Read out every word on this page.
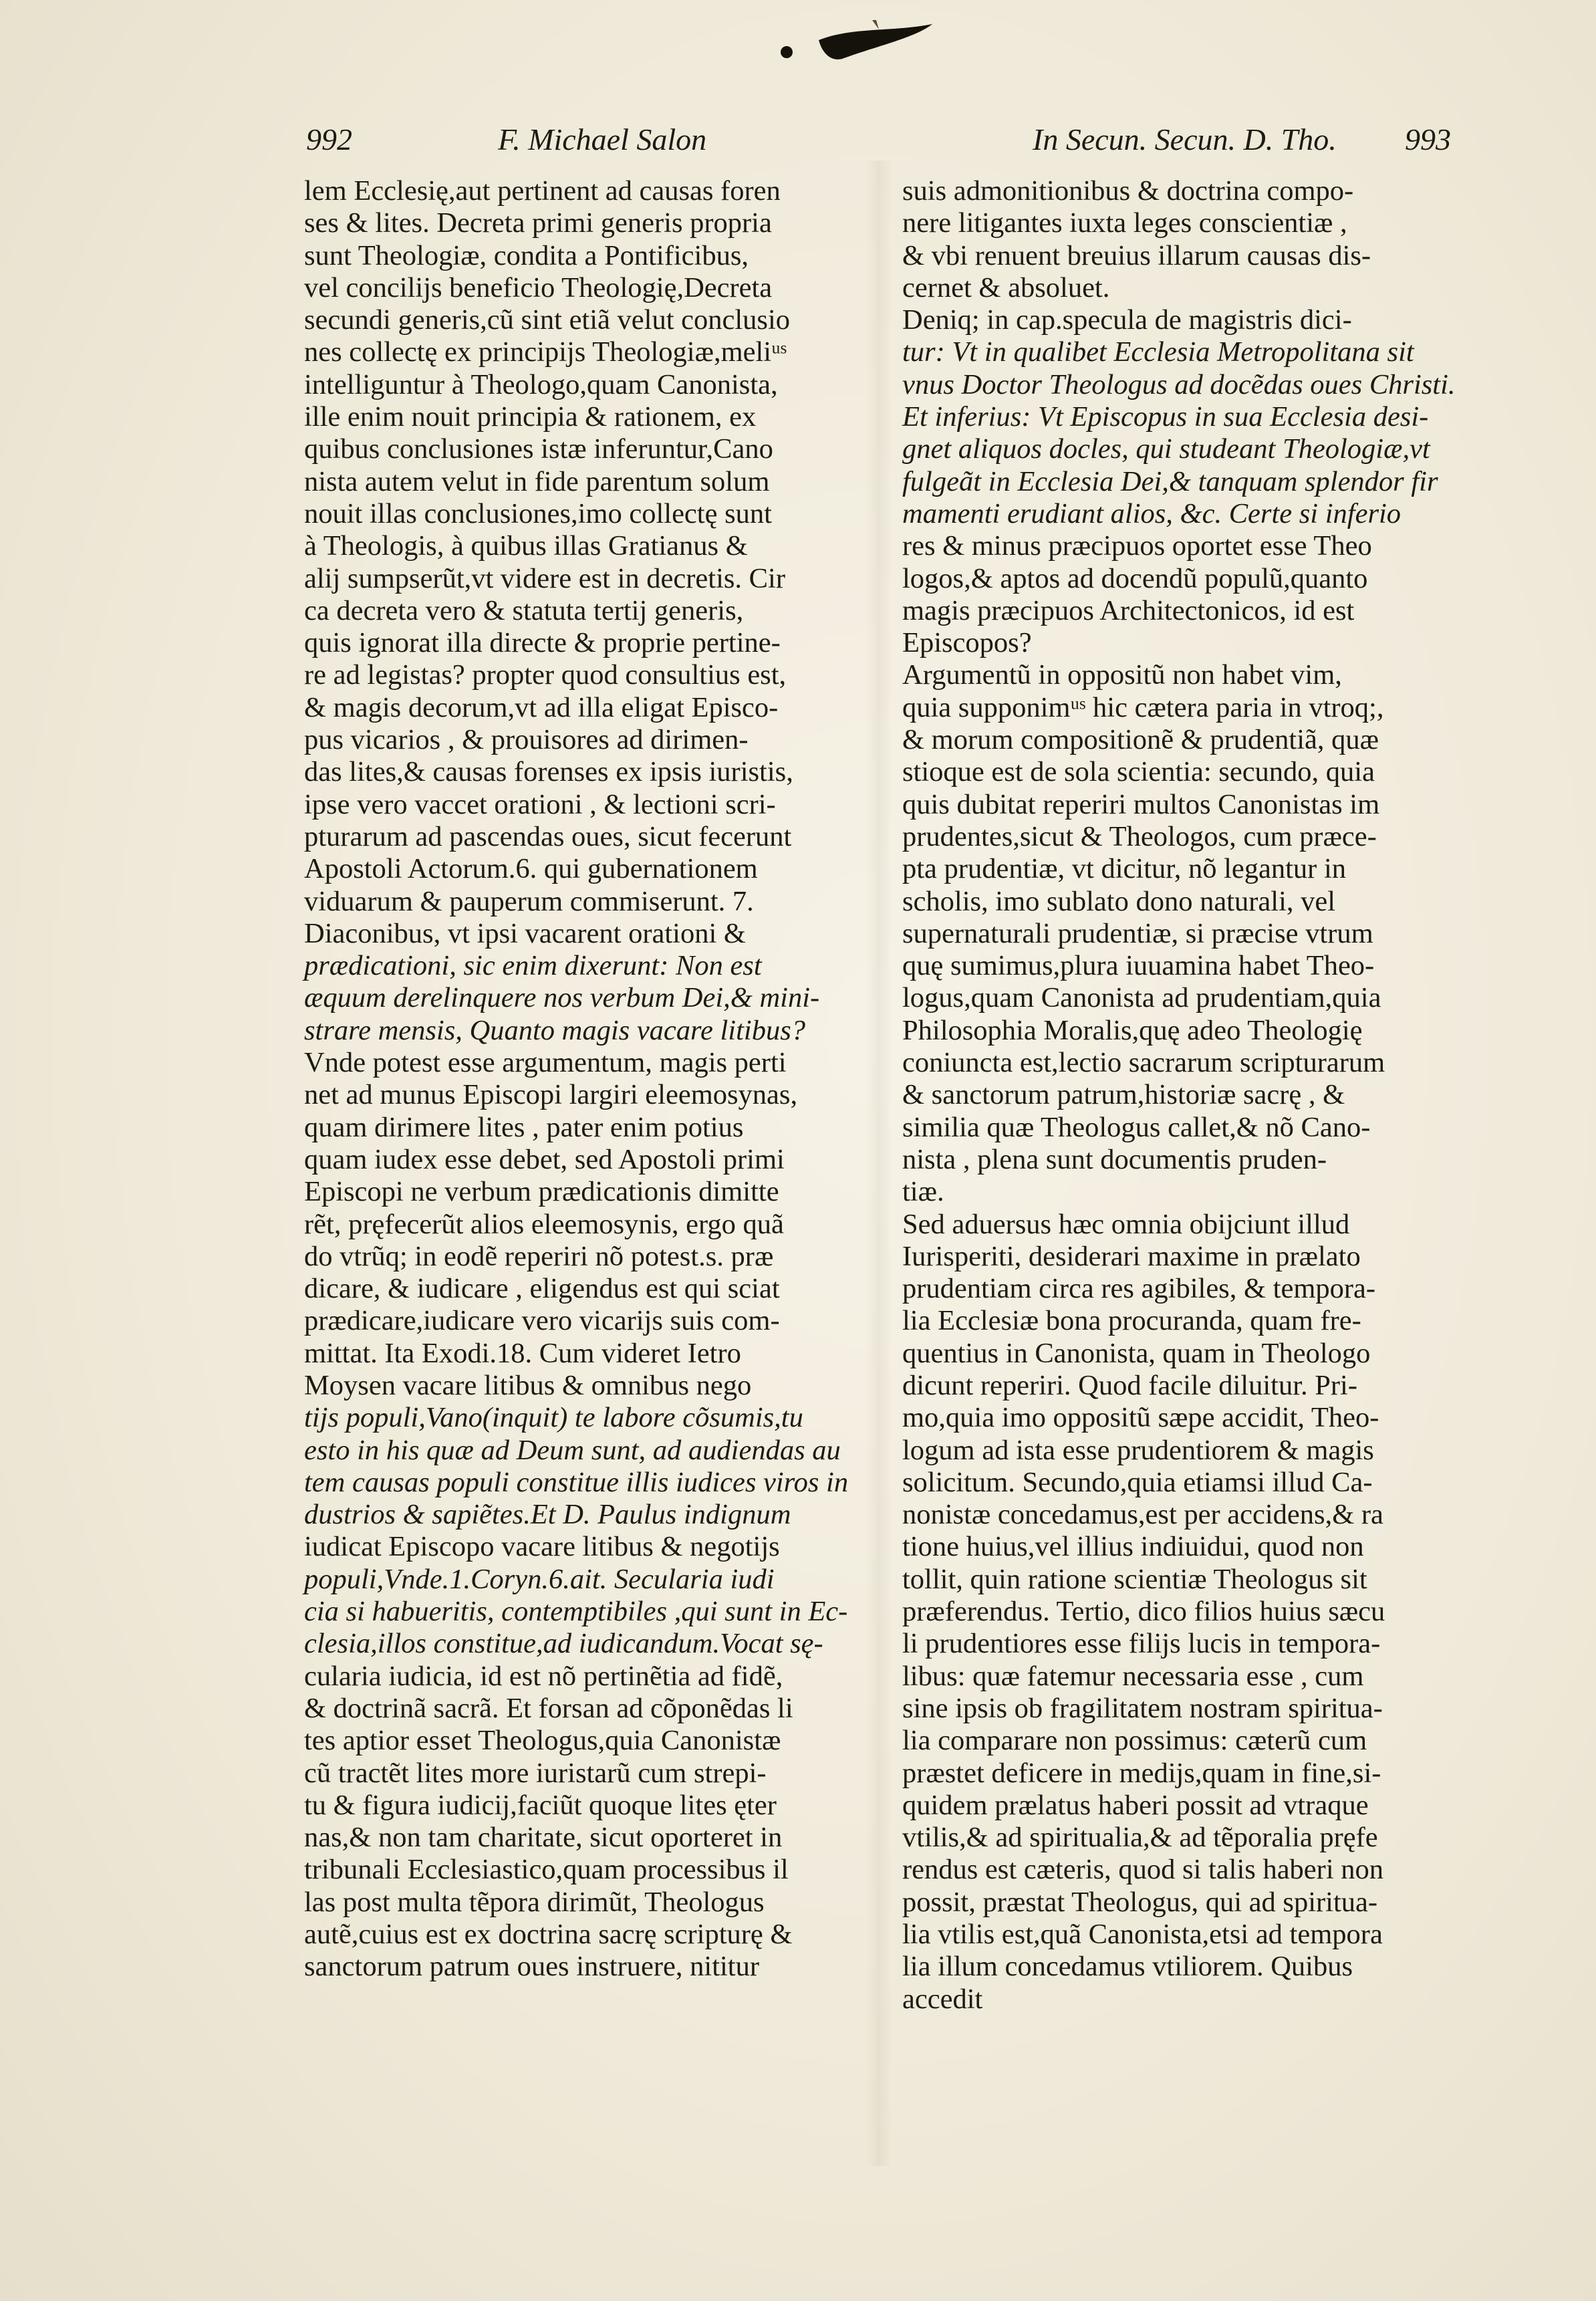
992	F. Michael Salon	In Secun. Secun. D. Tho. 993
lem Ecclesię,aut pertinent ad causas foren
ses & lites. Decreta primi generis propria
sunt Theologiæ, condita a Pontificibus,
vel concilijs beneficio Theologię,Decreta
secundi generis,cũ sint etiã velut conclusio
nes collectę ex principijs Theologiæ,meliᵘˢ
intelliguntur à Theologo,quam Canonista,
ille enim nouit principia & rationem, ex
quibus conclusiones istæ inferuntur,Cano
nista autem velut in fide parentum solum
nouit illas conclusiones,imo collectę sunt
à Theologis, à quibus illas Gratianus &
alij sumpserũt,vt videre est in decretis. Cir
ca decreta vero & statuta tertij generis,
quis ignorat illa directe & proprie pertine-
re ad legistas? propter quod consultius est,
& magis decorum,vt ad illa eligat Episco-
pus vicarios , & prouisores ad dirimen-
das lites,& causas forenses ex ipsis iuristis,
ipse vero vaccet orationi , & lectioni scri-
pturarum ad pascendas oues, sicut fecerunt
Apostoli Actorum.6. qui gubernationem
viduarum & pauperum commiserunt. 7.
Diaconibus, vt ipsi vacarent orationi &
prædicationi, sic enim dixerunt: Non est
æquum derelinquere nos verbum Dei,& mini-
strare mensis, Quanto magis vacare litibus?
Vnde potest esse argumentum, magis perti
net ad munus Episcopi largiri eleemosynas,
quam dirimere lites , pater enim potius
quam iudex esse debet, sed Apostoli primi
Episcopi ne verbum prædicationis dimitte
rẽt, pręfecerũt alios eleemosynis, ergo quã
do vtrũq; in eodẽ reperiri nõ potest.s. præ
dicare, & iudicare , eligendus est qui sciat
prædicare,iudicare vero vicarijs suis com-
mittat. Ita Exodi.18. Cum videret Ietro
Moysen vacare litibus & omnibus nego
tijs populi,Vano(inquit) te labore cõsumis,tu
esto in his quæ ad Deum sunt, ad audiendas au
tem causas populi constitue illis iudices viros in
dustrios & sapiẽtes.Et D. Paulus indignum
iudicat Episcopo vacare litibus & negotijs
populi,Vnde.1.Coryn.6.ait. Secularia iudi
cia si habueritis, contemptibiles ,qui sunt in Ec-
clesia,illos constitue,ad iudicandum.Vocat sę-
cularia iudicia, id est nõ pertinẽtia ad fidẽ,
& doctrinã sacrã. Et forsan ad cõponẽdas li
tes aptior esset Theologus,quia Canonistæ
cũ tractẽt lites more iuristarũ cum strepi-
tu & figura iudicij,faciũt quoque lites ęter
nas,& non tam charitate, sicut oporteret in
tribunali Ecclesiastico,quam processibus il
las post multa tẽpora dirimũt, Theologus
autẽ,cuius est ex doctrina sacrę scripturę &
sanctorum patrum oues instruere, nititur
suis admonitionibus & doctrina compo-
nere litigantes iuxta leges conscientiæ ,
& vbi renuent breuius illarum causas dis-
cernet & absoluet.
Deniq; in cap.specula de magistris dici-
tur: Vt in qualibet Ecclesia Metropolitana sit
vnus Doctor Theologus ad docẽdas oues Christi.
Et inferius: Vt Episcopus in sua Ecclesia desi-
gnet aliquos docles, qui studeant Theologiæ,vt
fulgeãt in Ecclesia Dei,& tanquam splendor fir
mamenti erudiant alios, &c. Certe si inferio
res & minus præcipuos oportet esse Theo
logos,& aptos ad docendũ populũ,quanto
magis præcipuos Architectonicos, id est
Episcopos?
Argumentũ in oppositũ non habet vim,
quia supponimᵘˢ hic cætera paria in vtroq;,
& morum compositionẽ & prudentiã, quæ
stioque est de sola scientia: secundo, quia
quis dubitat reperiri multos Canonistas im
prudentes,sicut & Theologos, cum præce-
pta prudentiæ, vt dicitur, nõ legantur in
scholis, imo sublato dono naturali, vel
supernaturali prudentiæ, si præcise vtrum
quę sumimus,plura iuuamina habet Theo-
logus,quam Canonista ad prudentiam,quia
Philosophia Moralis,quę adeo Theologię
coniuncta est,lectio sacrarum scripturarum
& sanctorum patrum,historiæ sacrę , &
similia quæ Theologus callet,& nõ Cano-
nista , plena sunt documentis pruden-
tiæ.
Sed aduersus hæc omnia obijciunt illud
Iurisperiti, desiderari maxime in prælato
prudentiam circa res agibiles, & tempora-
lia Ecclesiæ bona procuranda, quam fre-
quentius in Canonista, quam in Theologo
dicunt reperiri. Quod facile diluitur. Pri-
mo,quia imo oppositũ sæpe accidit, Theo-
logum ad ista esse prudentiorem & magis
solicitum. Secundo,quia etiamsi illud Ca-
nonistæ concedamus,est per accidens,& ra
tione huius,vel illius indiuidui, quod non
tollit, quin ratione scientiæ Theologus sit
præferendus. Tertio, dico filios huius sæcu
li prudentiores esse filijs lucis in tempora-
libus: quæ fatemur necessaria esse , cum
sine ipsis ob fragilitatem nostram spiritua-
lia comparare non possimus: cæterũ cum
præstet deficere in medijs,quam in fine,si-
quidem prælatus haberi possit ad vtraque
vtilis,& ad spiritualia,& ad tẽporalia pręfe
rendus est cæteris, quod si talis haberi non
possit, præstat Theologus, qui ad spiritua-
lia vtilis est,quã Canonista,etsi ad tempora
lia illum concedamus vtiliorem. Quibus
accedit
